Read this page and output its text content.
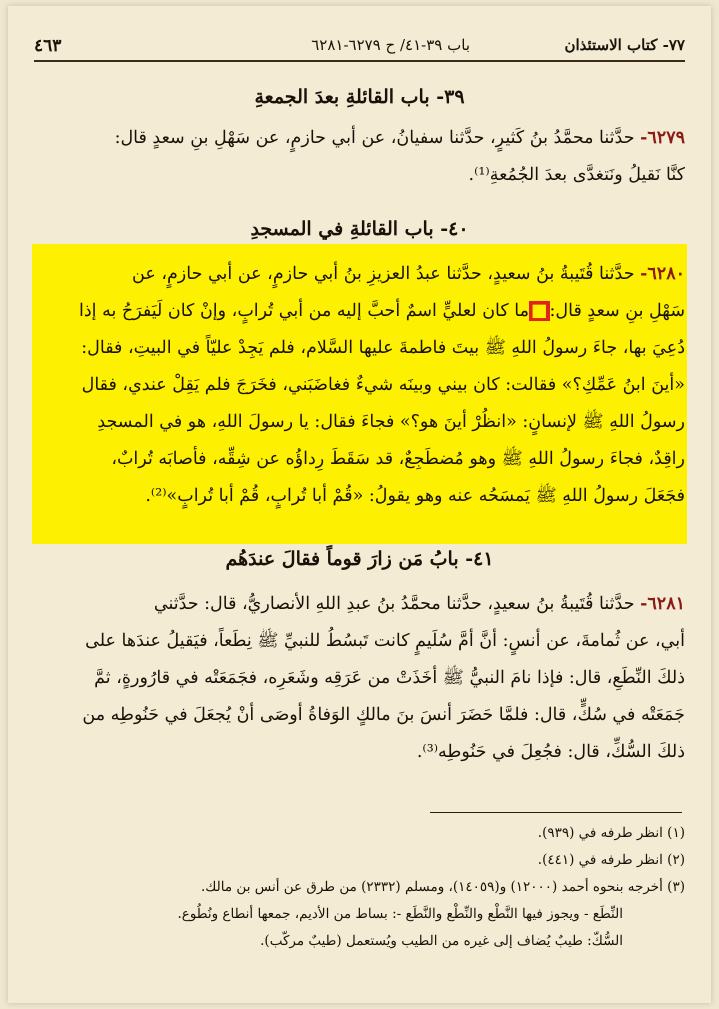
٧٧- كتاب الاستئذان
باب ٣٩-٤١/ ح ٦٢٧٩-٦٢٨١
٤٦٣
٣٩- باب القائلةِ بعدَ الجمعةِ

٦٢٧٩- حدَّثنا محمَّدُ بنُ كَثيرٍ، حدَّثنا سفيانُ، عن أبي حازمٍ، عن سَهْلِ بنِ سعدٍ قال:

كنَّا نَقيلُ ونَتغدَّى بعدَ الجُمُعةِ⁽¹⁾.

٤٠- باب القائلةِ في المسجدِ

٦٢٨٠- حدَّثنا قُتَيبةُ بنُ سعيدٍ، حدَّثنا عبدُ العزيزِ بنُ أبي حازمٍ، عن أبي حازمٍ، عن

سَهْلِ بنِ سعدٍ قال:■ما كان لعليٍّ اسمٌ أحبَّ إليه من أبي تُرابٍ، وإنْ كان لَيَفرَحُ به إذا

دُعِيَ بها، جاءَ رسولُ اللهِ ﷺ بيتَ فاطمةَ عليها السَّلام، فلم يَجِدْ عليّاً في البيتِ، فقال:

«أينَ ابنُ عَمِّكِ؟» فقالت: كان بيني وبينَه شيءٌ فغاضَبَني، فخَرَجَ فلم يَقِلْ عندي، فقال

رسولُ اللهِ ﷺ لإنسانٍ: «انظُرْ أينَ هو؟» فجاءَ فقال: يا رسولَ اللهِ، هو في المسجدِ

راقِدٌ، فجاءَ رسولُ اللهِ ﷺ وهو مُضطَجِعٌ، قد سَقَطَ رِداؤُه عن شِقِّه، فأصابَه تُرابٌ،

فجَعَلَ رسولُ اللهِ ﷺ يَمسَحُه عنه وهو يقولُ: «قُمْ أبا تُرابٍ، قُمْ أبا تُرابٍ»⁽²⁾.

٤١- بابُ مَن زارَ قوماً فقالَ عندَهُم

٦٢٨١- حدَّثنا قُتَيبةُ بنُ سعيدٍ، حدَّثنا محمَّدُ بنُ عبدِ اللهِ الأنصاريُّ، قال: حدَّثني

أبي، عن ثُمامةَ، عن أنسٍ: أنَّ أمَّ سُلَيمٍ كانت تَبسُطُ للنبيِّ ﷺ نِطَعاً، فيَقيلُ عندَها على

ذلكَ النِّطَعِ، قال: فإذا نامَ النبيُّ ﷺ أخَذَتْ من عَرَقِه وشَعَرِه، فجَمَعَتْه في قارُورةٍ، ثمَّ

جَمَعَتْه في سُكٍّ، قال: فلمَّا حَضَرَ أنسَ بنَ مالكٍ الوَفاةُ أوصَى أنْ يُجعَلَ في حَنُوطِه من

ذلكَ السُّكِّ، قال: فجُعِلَ في حَنُوطِه⁽³⁾.

(١) انظر طرفه في (٩٣٩).

(٢) انظر طرفه في (٤٤١).

(٣) أخرجه بنحوه أحمد (١٢٠٠٠) و(١٤٠٥٩)، ومسلم (٢٣٣٢) من طرق عن أنس بن مالك.

النِّطَع - ويجوز فيها النَّطْع والنِّطْع والنَّطَع -: بساط من الأديم، جمعها أنطاع ونُطُوع.

السُّكّ: طيبٌ يُضاف إلى غيره من الطيب ويُستعمل (طيبٌ مركّب).
